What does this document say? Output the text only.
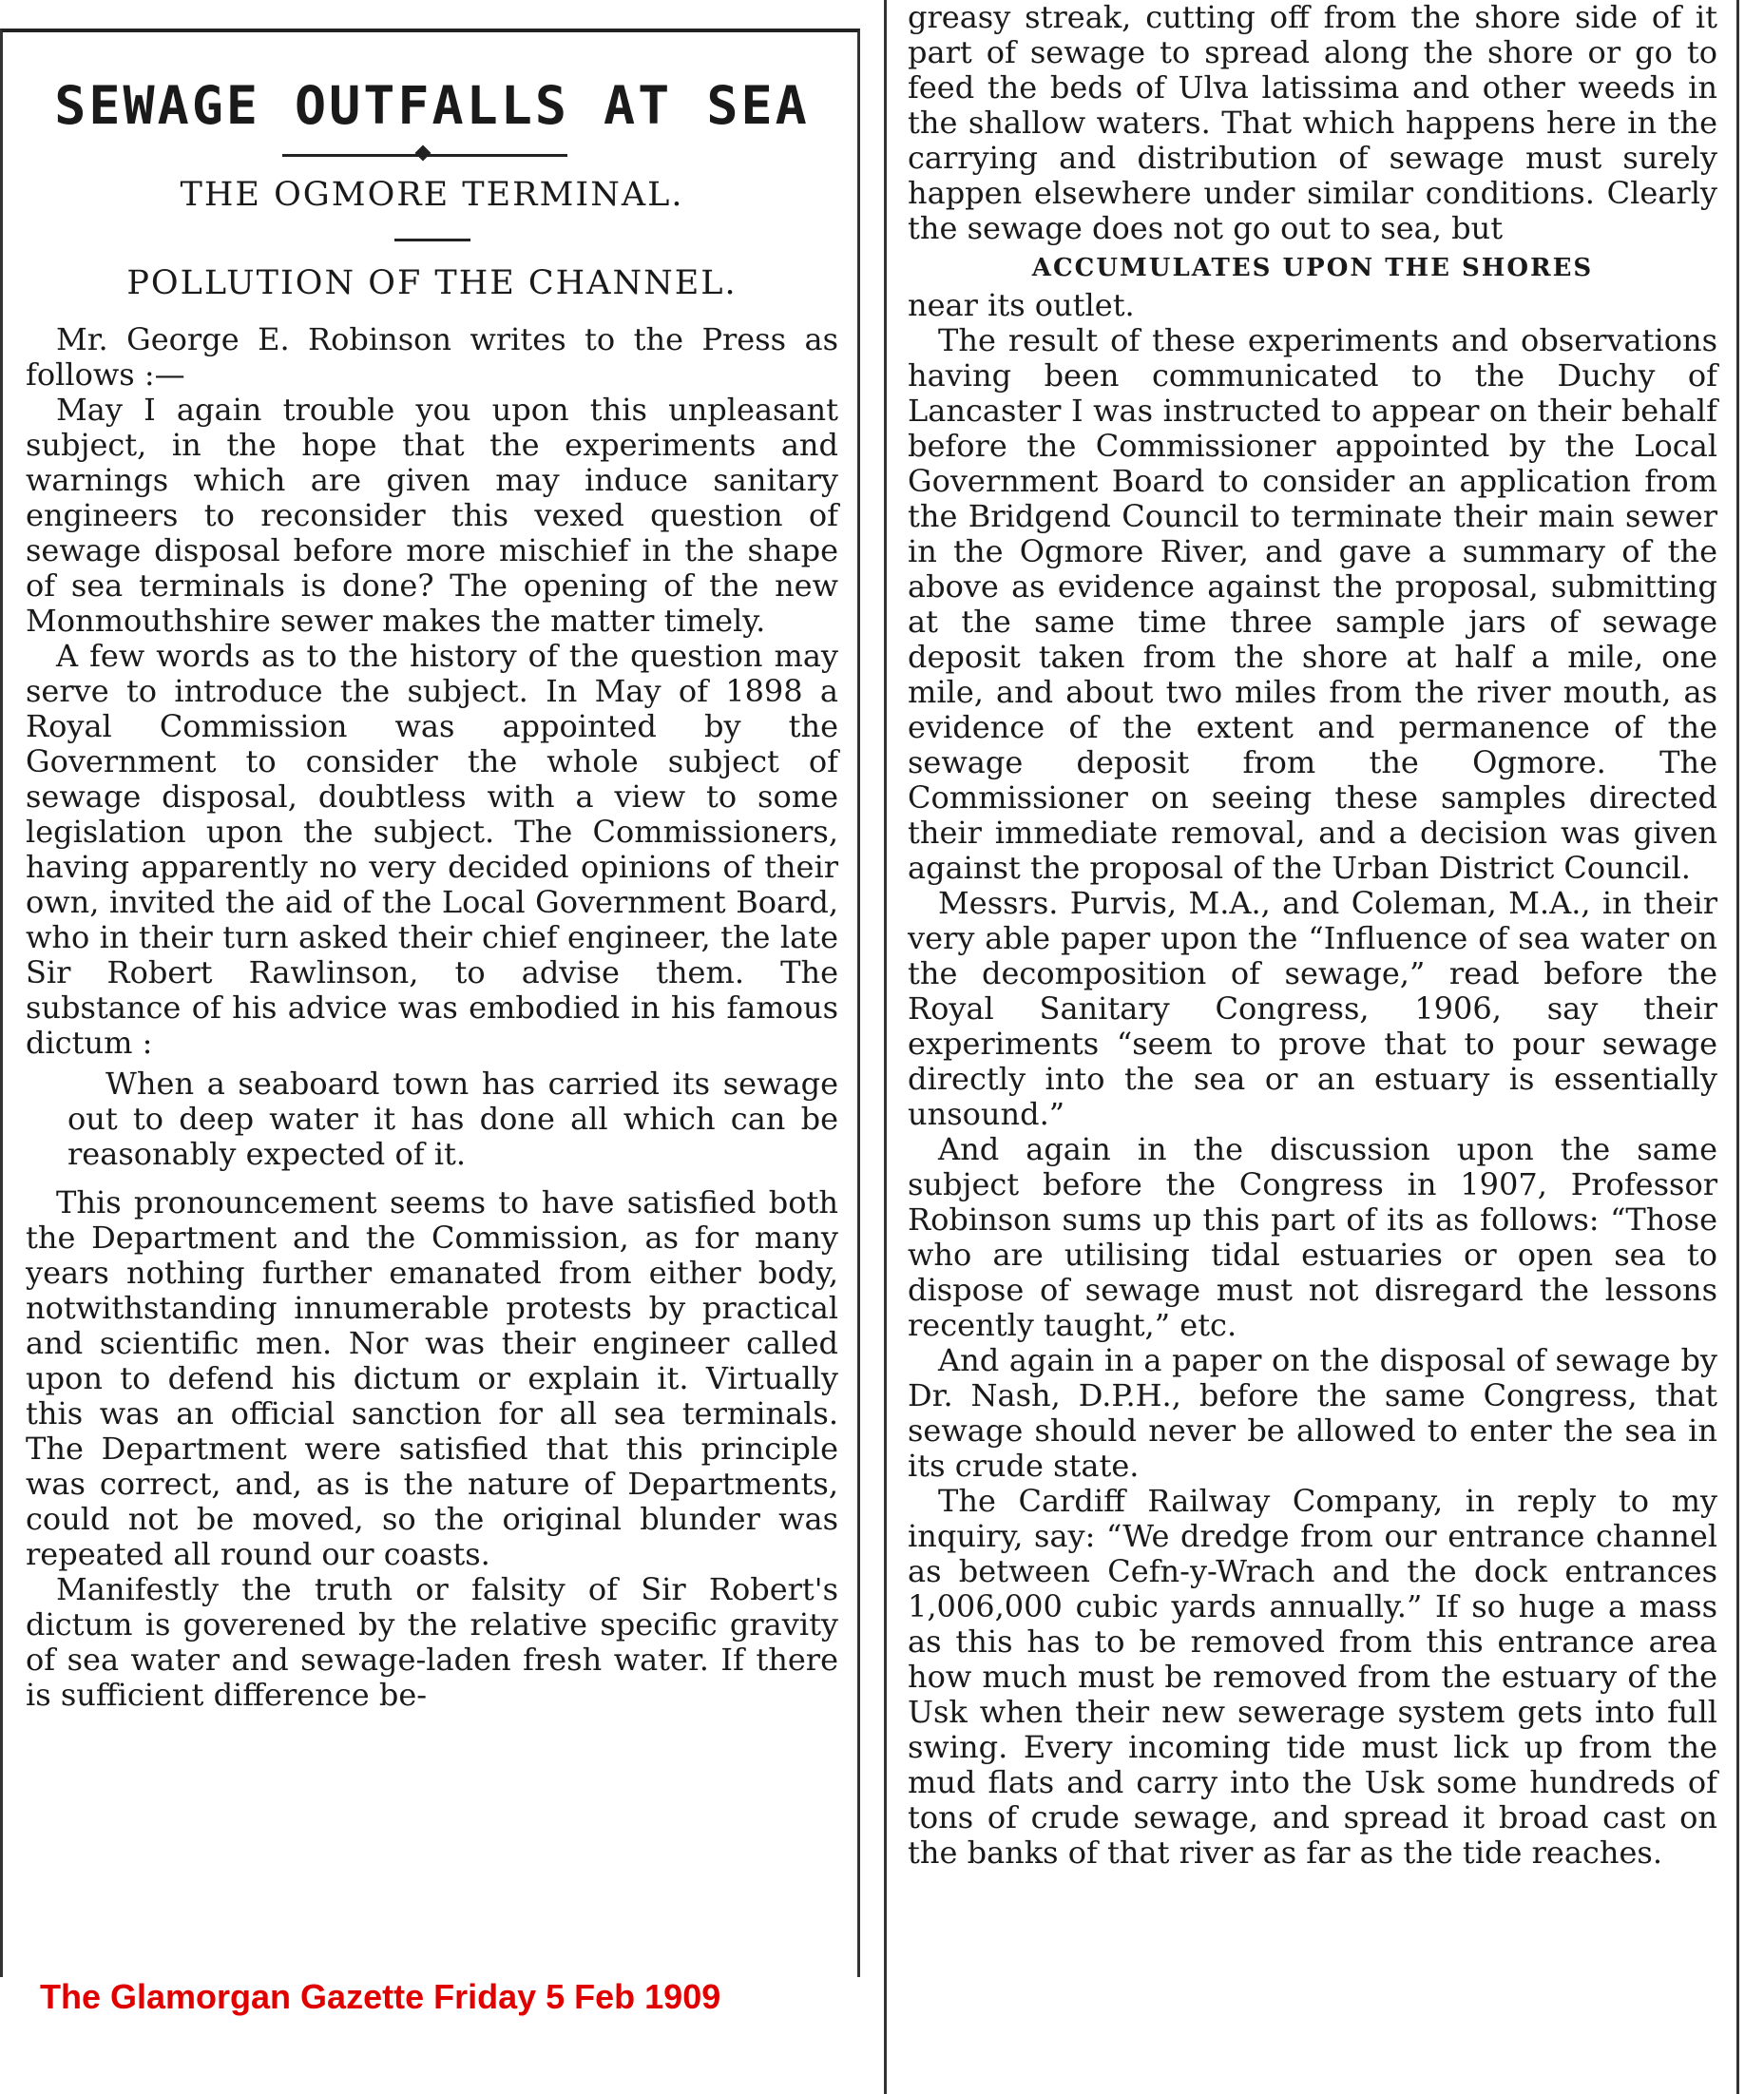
SEWAGE OUTFALLS AT SEA

THE OGMORE TERMINAL.

POLLUTION OF THE CHANNEL.

Mr. George E. Robinson writes to the Press as follows :—

May I again trouble you upon this unpleasant subject, in the hope that the experiments and warnings which are given may induce sanitary engineers to reconsider this vexed question of sewage disposal before more mischief in the shape of sea terminals is done? The opening of the new Monmouthshire sewer makes the matter timely.

A few words as to the history of the question may serve to introduce the subject. In May of 1898 a Royal Commission was appointed by the Government to consider the whole subject of sewage disposal, doubtless with a view to some legislation upon the subject. The Commissioners, having apparently no very decided opinions of their own, invited the aid of the Local Government Board, who in their turn asked their chief engineer, the late Sir Robert Rawlinson, to advise them. The substance of his advice was embodied in his famous dictum :

When a seaboard town has carried its sewage out to deep water it has done all which can be reasonably expected of it.

This pronouncement seems to have satisfied both the Department and the Commission, as for many years nothing further emanated from either body, notwithstanding innumerable protests by practical and scientific men. Nor was their engineer called upon to defend his dictum or explain it. Virtually this was an official sanction for all sea terminals. The Department were satisfied that this principle was correct, and, as is the nature of Departments, could not be moved, so the original blunder was repeated all round our coasts.

Manifestly the truth or falsity of Sir Robert's dictum is goverened by the relative specific gravity of sea water and sewage-laden fresh water. If there is sufficient difference be-

greasy streak, cutting off from the shore side of it part of sewage to spread along the shore or go to feed the beds of Ulva latissima and other weeds in the shallow waters. That which happens here in the carrying and distribution of sewage must surely happen elsewhere under similar conditions. Clearly the sewage does not go out to sea, but

ACCUMULATES UPON THE SHORES

near its outlet.

The result of these experiments and observations having been communicated to the Duchy of Lancaster I was instructed to appear on their behalf before the Commissioner appointed by the Local Government Board to consider an application from the Bridgend Council to terminate their main sewer in the Ogmore River, and gave a summary of the above as evidence against the proposal, submitting at the same time three sample jars of sewage deposit taken from the shore at half a mile, one mile, and about two miles from the river mouth, as evidence of the extent and permanence of the sewage deposit from the Ogmore. The Commissioner on seeing these samples directed their immediate removal, and a decision was given against the proposal of the Urban District Council.

Messrs. Purvis, M.A., and Coleman, M.A., in their very able paper upon the “Influence of sea water on the decomposition of sewage,” read before the Royal Sanitary Congress, 1906, say their experiments “seem to prove that to pour sewage directly into the sea or an estuary is essentially unsound.”

And again in the discussion upon the same subject before the Congress in 1907, Professor Robinson sums up this part of its as follows: “Those who are utilising tidal estuaries or open sea to dispose of sewage must not disregard the lessons recently taught,” etc.

And again in a paper on the disposal of sewage by Dr. Nash, D.P.H., before the same Congress, that sewage should never be allowed to enter the sea in its crude state.

The Cardiff Railway Company, in reply to my inquiry, say: “We dredge from our entrance channel as between Cefn-y-Wrach and the dock entrances 1,006,000 cubic yards annually.” If so huge a mass as this has to be removed from this entrance area how much must be removed from the estuary of the Usk when their new sewerage system gets into full swing. Every incoming tide must lick up from the mud flats and carry into the Usk some hundreds of tons of crude sewage, and spread it broad cast on the banks of that river as far as the tide reaches.

The Glamorgan Gazette Friday 5 Feb 1909
